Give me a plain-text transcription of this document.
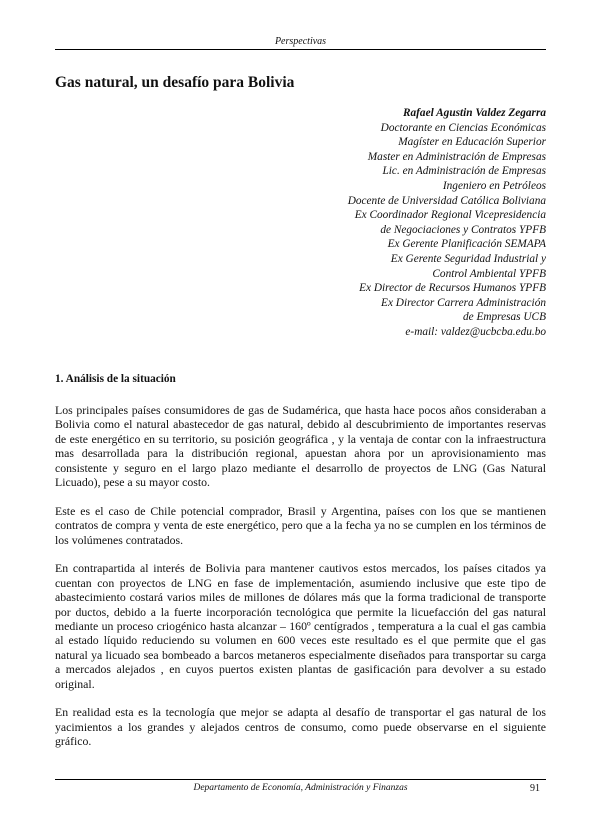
Perspectivas
Gas natural, un desafío para Bolivia
Rafael Agustin Valdez Zegarra
Doctorante en Ciencias Económicas
Magíster en Educación Superior
Master en Administración de Empresas
Lic. en Administración de Empresas
Ingeniero en Petróleos
Docente de Universidad Católica Boliviana
Ex Coordinador Regional Vicepresidencia
de Negociaciones y Contratos YPFB
Ex Gerente Planificación SEMAPA
Ex Gerente Seguridad Industrial y
Control Ambiental YPFB
Ex Director de Recursos Humanos YPFB
Ex Director Carrera Administración
de Empresas UCB
e-mail: valdez@ucbcba.edu.bo
1. Análisis de la situación

Los principales países consumidores de gas de Sudamérica, que hasta hace pocos años consideraban a Bolivia como el natural abastecedor de gas natural, debido al descubrimiento de importantes reservas de este energético en su territorio, su posición geográfica , y la ventaja de contar con la infraestructura mas desarrollada para la distribución regional, apuestan ahora por un aprovisionamiento mas consistente y seguro en el largo plazo mediante el desarrollo de proyectos de LNG (Gas Natural Licuado), pese a su mayor costo.

Este es el caso de Chile potencial comprador, Brasil y Argentina, países con los que se mantienen contratos de compra y venta de este energético, pero que a la fecha ya no se cumplen en los términos de los volúmenes contratados.

En contrapartida al interés de Bolivia para mantener cautivos estos mercados, los países citados ya cuentan con proyectos de LNG en fase de implementación, asumiendo inclusive que este tipo de abastecimiento costará varios miles de millones de dólares más que la forma tradicional de transporte por ductos, debido a la fuerte incorporación tecnológica que permite la licuefacción del gas natural mediante un proceso criogénico hasta alcanzar – 160º centígrados , temperatura a la cual el gas cambia al estado líquido reduciendo su volumen en 600 veces este resultado es el que permite que el gas natural ya licuado sea bombeado a barcos metaneros especialmente diseñados para transportar su carga a mercados alejados , en cuyos puertos existen plantas de gasificación para devolver a su estado original.

En realidad esta es la tecnología que mejor se adapta al desafío de transportar el gas natural de los yacimientos a los grandes y alejados centros de consumo, como puede observarse en el siguiente gráfico.

Departamento de Economía, Administración y Finanzas	91
